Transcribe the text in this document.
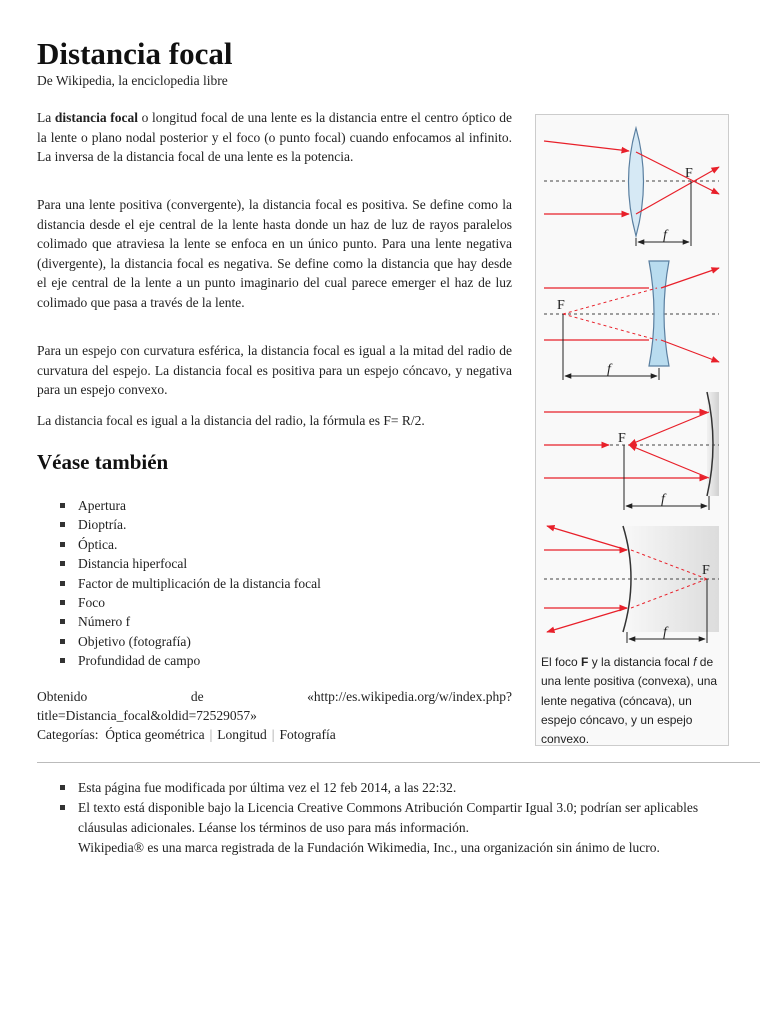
Distancia focal
De Wikipedia, la enciclopedia libre

La distancia focal o longitud focal de una lente es la distancia entre el centro óptico de la lente o plano nodal posterior y el foco (o punto focal) cuando enfocamos al infinito. La inversa de la distancia focal de una lente es la potencia.

Para una lente positiva (convergente), la distancia focal es positiva. Se define como la distancia desde el eje central de la lente hasta donde un haz de luz de rayos paralelos colimado que atraviesa la lente se enfoca en un único punto. Para una lente negativa (divergente), la distancia focal es negativa. Se define como la distancia que hay desde el eje central de la lente a un punto imaginario del cual parece emerger el haz de luz colimado que pasa a través de la lente.

Para un espejo con curvatura esférica, la distancia focal es igual a la mitad del radio de curvatura del espejo. La distancia focal es positiva para un espejo cóncavo, y negativa para un espejo convexo.

La distancia focal es igual a la distancia del radio, la fórmula es F= R/2.

Véase también
Apertura
Dioptría.
Óptica.
Distancia hiperfocal
Factor de multiplicación de la distancia focal
Foco
Número f
Objetivo (fotografía)
Profundidad de campo
Obtenido	de	«http://es.wikipedia.org/w/index.php?
title=Distancia_focal&oldid=72529057»
Categorías: Óptica geométrica | Longitud | Fotografía
F
f
F
f
F
f
F
f
El foco F y la distancia focal f de una lente positiva (convexa), una lente negativa (cóncava), un espejo cóncavo, y un espejo convexo.
Esta página fue modificada por última vez el 12 feb 2014, a las 22:32.
El texto está disponible bajo la Licencia Creative Commons Atribución Compartir Igual 3.0; podrían ser aplicables cláusulas adicionales. Léanse los términos de uso para más información.
Wikipedia® es una marca registrada de la Fundación Wikimedia, Inc., una organización sin ánimo de lucro.
